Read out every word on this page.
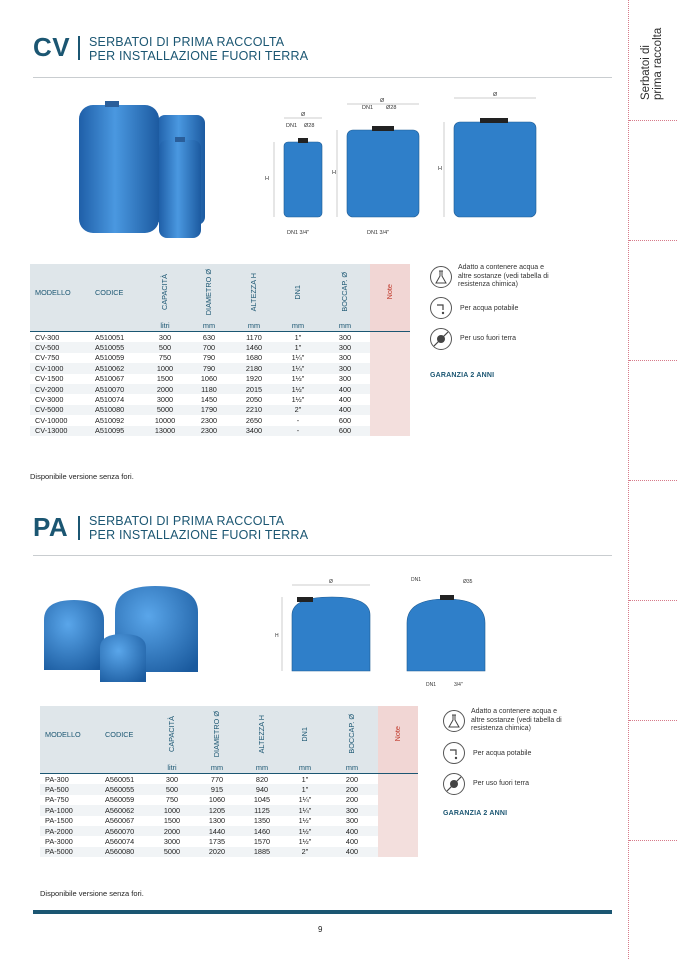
Serbatoi di prima raccolta
CV SERBATOI DI PRIMA RACCOLTA
PER INSTALLAZIONE FUORI TERRA
Ø
DN1 Ø28
Ø
DN1 Ø28
Ø
H
H
H
DN1 3/4"	DN1 3/4"
MODELLO	CODICE	CAPACITÀ	DIAMETRO Ø	ALTEZZA H	DN1	BOCCAP. Ø	Note

		litri	mm	mm	mm	mm	
CV-300	A510051	300	630	1170	1"	300	
CV-500	A510055	500	700	1460	1"	300	
CV-750	A510059	750	790	1680	1¼"	300	
CV-1000	A510062	1000	790	2180	1¼"	300	
CV-1500	A510067	1500	1060	1920	1½"	300	
CV-2000	A510070	2000	1180	2015	1½"	400	
CV-3000	A510074	3000	1450	2050	1½"	400	
CV-5000	A510080	5000	1790	2210	2"	400	
CV-10000	A510092	10000	2300	2650	-	600	
CV-13000	A510095	13000	2300	3400	-	600	
Adatto a contenere acqua e
altre sostanze (vedi tabella di
resistenza chimica)
Per acqua potabile
Per uso fuori terra
GARANZIA 2 ANNI
Disponibile versione senza fori.
PA SERBATOI DI PRIMA RACCOLTA
PER INSTALLAZIONE FUORI TERRA
Ø
H
DN1	Ø35
DN1	3/4"
MODELLO	CODICE	CAPACITÀ	DIAMETRO Ø	ALTEZZA H	DN1	BOCCAP. Ø	Note

		litri	mm	mm	mm	mm	
PA-300	A560051	300	770	820	1"	200	
PA-500	A560055	500	915	940	1"	200	
PA-750	A560059	750	1060	1045	1¼"	200	
PA-1000	A560062	1000	1205	1125	1¼"	300	
PA-1500	A560067	1500	1300	1350	1½"	300	
PA-2000	A560070	2000	1440	1460	1½"	400	
PA-3000	A560074	3000	1735	1570	1½"	400	
PA-5000	A560080	5000	2020	1885	2"	400	
Adatto a contenere acqua e
altre sostanze (vedi tabella di
resistenza chimica)
Per acqua potabile
Per uso fuori terra
GARANZIA 2 ANNI
Disponibile versione senza fori.
9
